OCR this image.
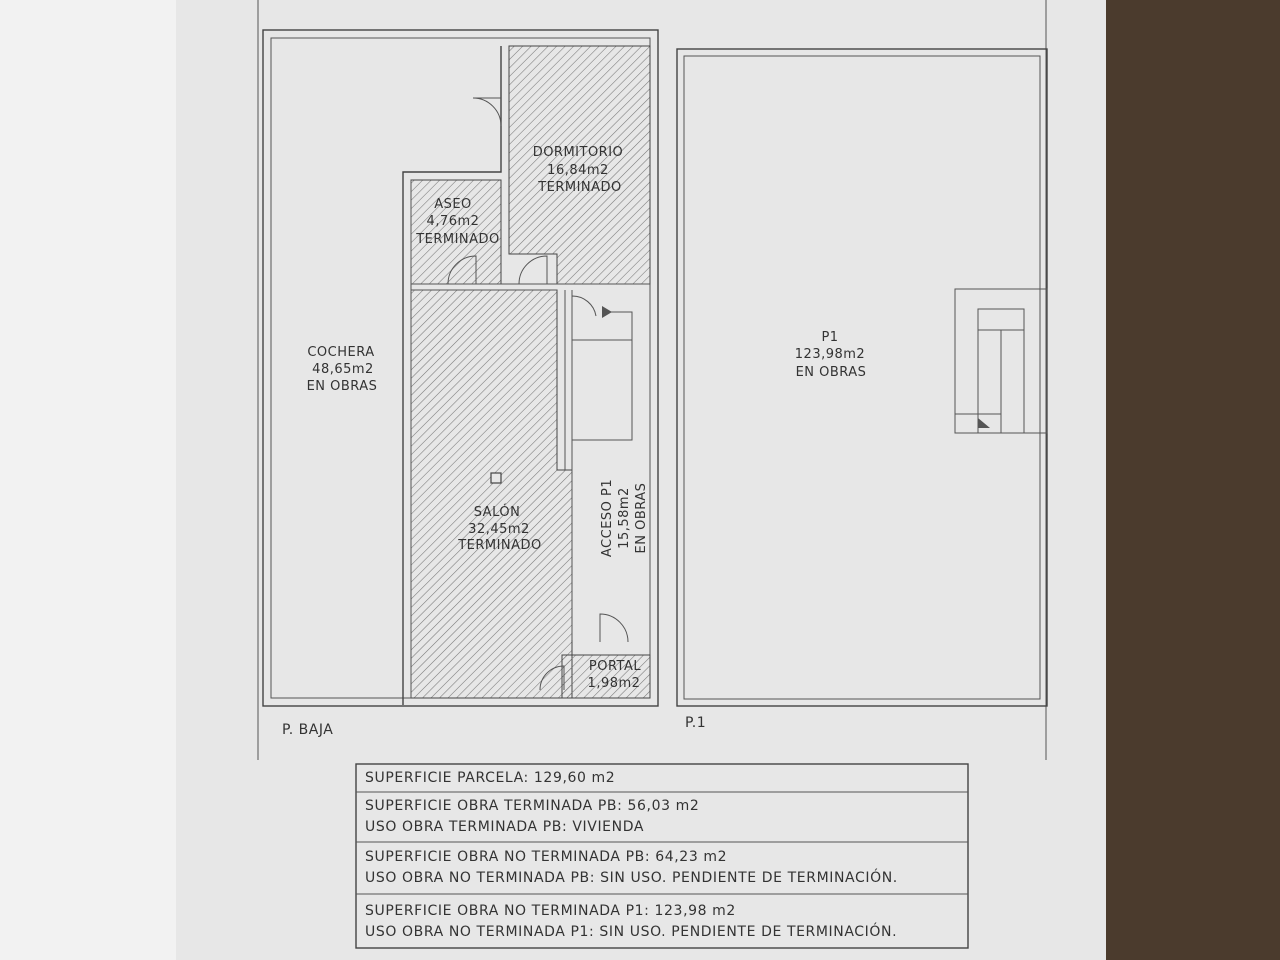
COCHERA
48,65m2
EN OBRAS
DORMITORIO
16,84m2
TERMINADO
ASEO
4,76m2
TERMINADO
SALÓN
32,45m2
TERMINADO	ACCESO P1 15,58m2 EN OBRAS
PORTAL
1,98m2
P. BAJA
P1
123,98m2
EN OBRAS
P.1
SUPERFICIE PARCELA: 129,60 m2
SUPERFICIE OBRA TERMINADA PB: 56,03 m2
USO OBRA TERMINADA PB: VIVIENDA
SUPERFICIE OBRA NO TERMINADA PB: 64,23 m2
USO OBRA NO TERMINADA PB: SIN USO. PENDIENTE DE TERMINACIÓN.
SUPERFICIE OBRA NO TERMINADA P1: 123,98 m2
USO OBRA NO TERMINADA P1: SIN USO. PENDIENTE DE TERMINACIÓN.
